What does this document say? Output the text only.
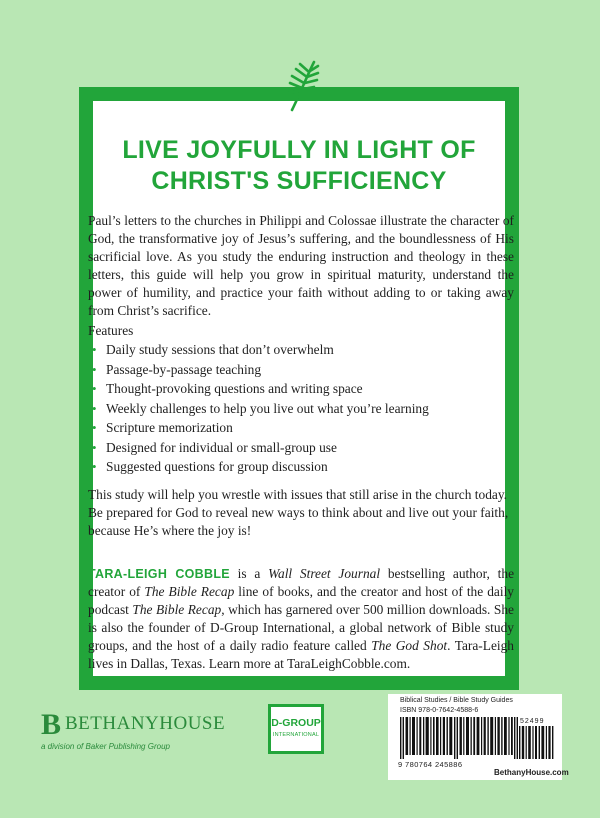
LIVE JOYFULLY IN LIGHT OF
CHRIST'S SUFFICIENCY
Paul’s letters to the churches in Philippi and Colossae illustrate the character of God, the transformative joy of Jesus’s suffering, and the boundlessness of His sacrificial love. As you study the enduring instruction and theology in these letters, this guide will help you grow in spiritual maturity, understand the power of humility, and practice your faith without adding to or taking away from Christ’s sacrifice.
Features
• Daily study sessions that don’t overwhelm
• Passage-by-passage teaching
• Thought-provoking questions and writing space
• Weekly challenges to help you live out what you’re learning
• Scripture memorization
• Designed for individual or small-group use
• Suggested questions for group discussion
This study will help you wrestle with issues that still arise in the church today. Be prepared for God to reveal new ways to think about and live out your faith, because He’s where the joy is!
TARA-LEIGH COBBLE is a Wall Street Journal bestselling author, the creator of The Bible Recap line of books, and the creator and host of the daily podcast The Bible Recap, which has garnered over 500 million downloads. She is also the founder of D-Group International, a global network of Bible study groups, and the host of a daily radio feature called The God Shot. Tara-Leigh lives in Dallas, Texas. Learn more at TaraLeighCobble.com.
B BETHANYHOUSE
a division of Baker Publishing Group
D-GROUP
INTERNATIONAL
Biblical Studies / Bible Study Guides
ISBN 978-0-7642-4588-6
52499
9 780764 245886
BethanyHouse.com
